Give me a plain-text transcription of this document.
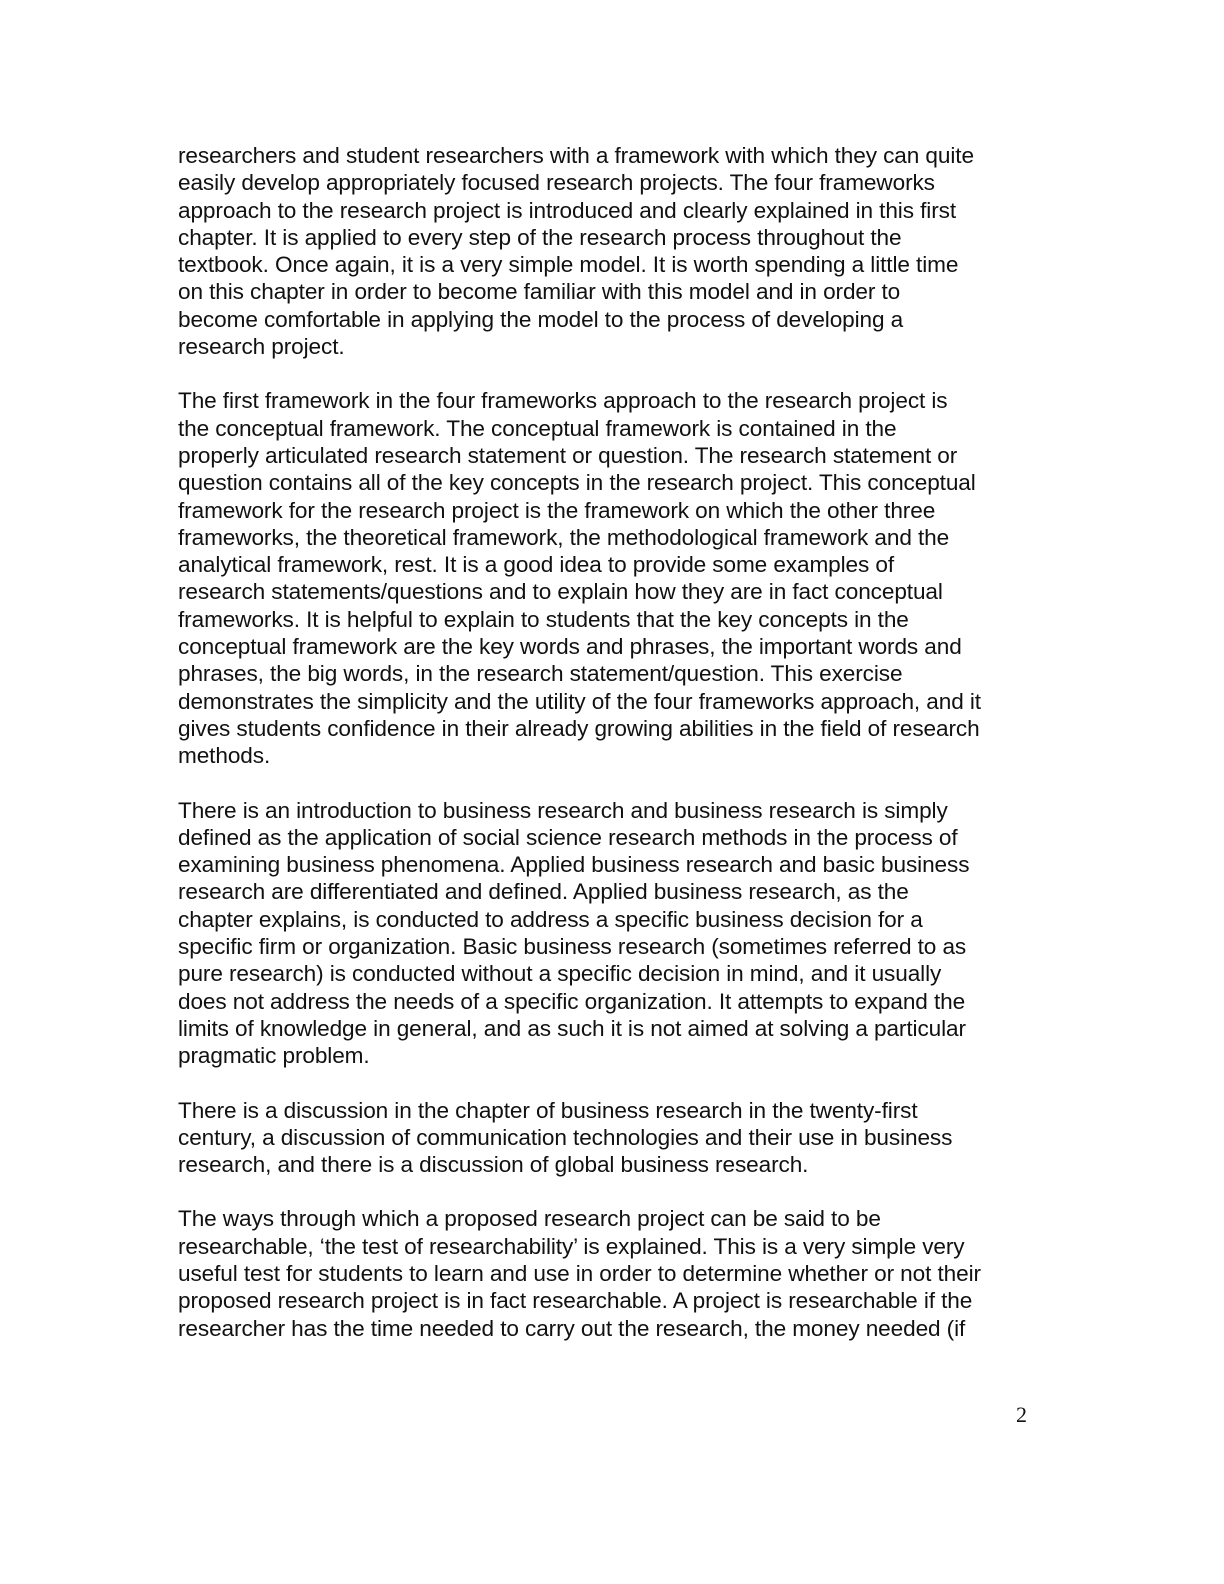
researchers and student researchers with a framework with which they can quite
easily develop appropriately focused research projects. The four frameworks
approach to the research project is introduced and clearly explained in this first
chapter. It is applied to every step of the research process throughout the
textbook. Once again, it is a very simple model. It is worth spending a little time
on this chapter in order to become familiar with this model and in order to
become comfortable in applying the model to the process of developing a
research project.

The first framework in the four frameworks approach to the research project is
the conceptual framework. The conceptual framework is contained in the
properly articulated research statement or question. The research statement or
question contains all of the key concepts in the research project. This conceptual
framework for the research project is the framework on which the other three
frameworks, the theoretical framework, the methodological framework and the
analytical framework, rest. It is a good idea to provide some examples of
research statements/questions and to explain how they are in fact conceptual
frameworks. It is helpful to explain to students that the key concepts in the
conceptual framework are the key words and phrases, the important words and
phrases, the big words, in the research statement/question. This exercise
demonstrates the simplicity and the utility of the four frameworks approach, and it
gives students confidence in their already growing abilities in the field of research
methods.

There is an introduction to business research and business research is simply
defined as the application of social science research methods in the process of
examining business phenomena. Applied business research and basic business
research are differentiated and defined. Applied business research, as the
chapter explains, is conducted to address a specific business decision for a
specific firm or organization. Basic business research (sometimes referred to as
pure research) is conducted without a specific decision in mind, and it usually
does not address the needs of a specific organization. It attempts to expand the
limits of knowledge in general, and as such it is not aimed at solving a particular
pragmatic problem.

There is a discussion in the chapter of business research in the twenty-first
century, a discussion of communication technologies and their use in business
research, and there is a discussion of global business research.

The ways through which a proposed research project can be said to be
researchable, ‘the test of researchability’ is explained. This is a very simple very
useful test for students to learn and use in order to determine whether or not their
proposed research project is in fact researchable. A project is researchable if the
researcher has the time needed to carry out the research, the money needed (if

2
